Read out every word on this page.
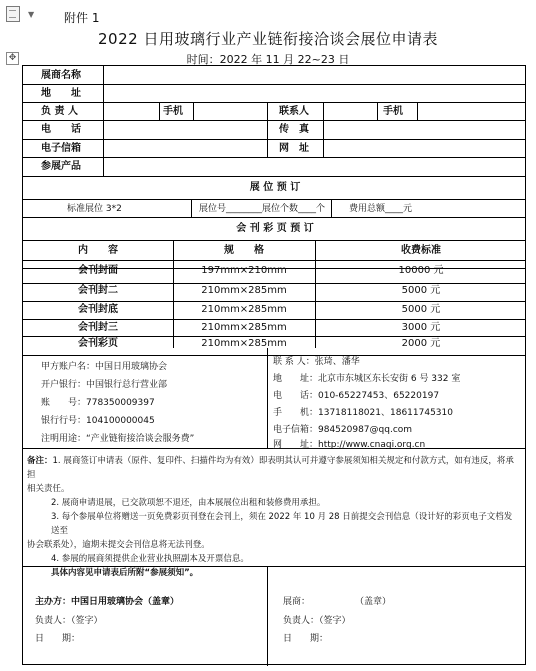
▼ 附件 1
2022 日用玻璃行业产业链衔接洽谈会展位申请表
时间：2022 年 11 月 22~23 日
✥
展商名称
地　　址
负 责 人	手机	联系人	手机
电　　话	传　真
电子信箱	网　址
参展产品
展 位 预 订
标准展位 3*2	展位号________展位个数____个	费用总额____元
会 刊 彩 页 预 订
内　　容	规　　格	收费标准
会刊封面	197mm×210mm	10000 元
会刊封二	210mm×285mm	5000 元
会刊封底	210mm×285mm	5000 元
会刊封三	210mm×285mm	3000 元
会刊彩页	210mm×285mm	2000 元
甲方账户名：中国日用玻璃协会
开户银行：中国银行总行营业部
账　　号：778350009397
银行行号：104100000045
注明用途：“产业链衔接洽谈会服务费”
联 系 人：张琦、潘华
地　　址：北京市东城区东长安街 6 号 332 室
电　　话：010-65227453、65220197
手　　机：13718118021、18611745310
电子信箱：984520987@qq.com
网　　址：http://www.cnagi.org.cn
备注：1. 展商签订申请表（原件、复印件、扫描件均为有效）即表明其认可并遵守参展须知相关规定和付款方式，如有违反，将承担
相关责任。
2. 展商申请退展，已交款项恕不退还，由本展展位出租和装修费用承担。
3. 每个参展单位将赠送一页免费彩页刊登在会刊上，须在 2022 年 10 月 28 日前提交会刊信息（设计好的彩页电子文档发送至
协会联系处），逾期未提交会刊信息将无法刊登。
4. 参展的展商须提供企业营业执照副本及开票信息。
具体内容见申请表后所附“参展须知”。
主办方：中国日用玻璃协会（盖章）
负责人：（签字）
日　　期：
展商：　　　　　　（盖章）
负责人：（签字）
日　　期：
